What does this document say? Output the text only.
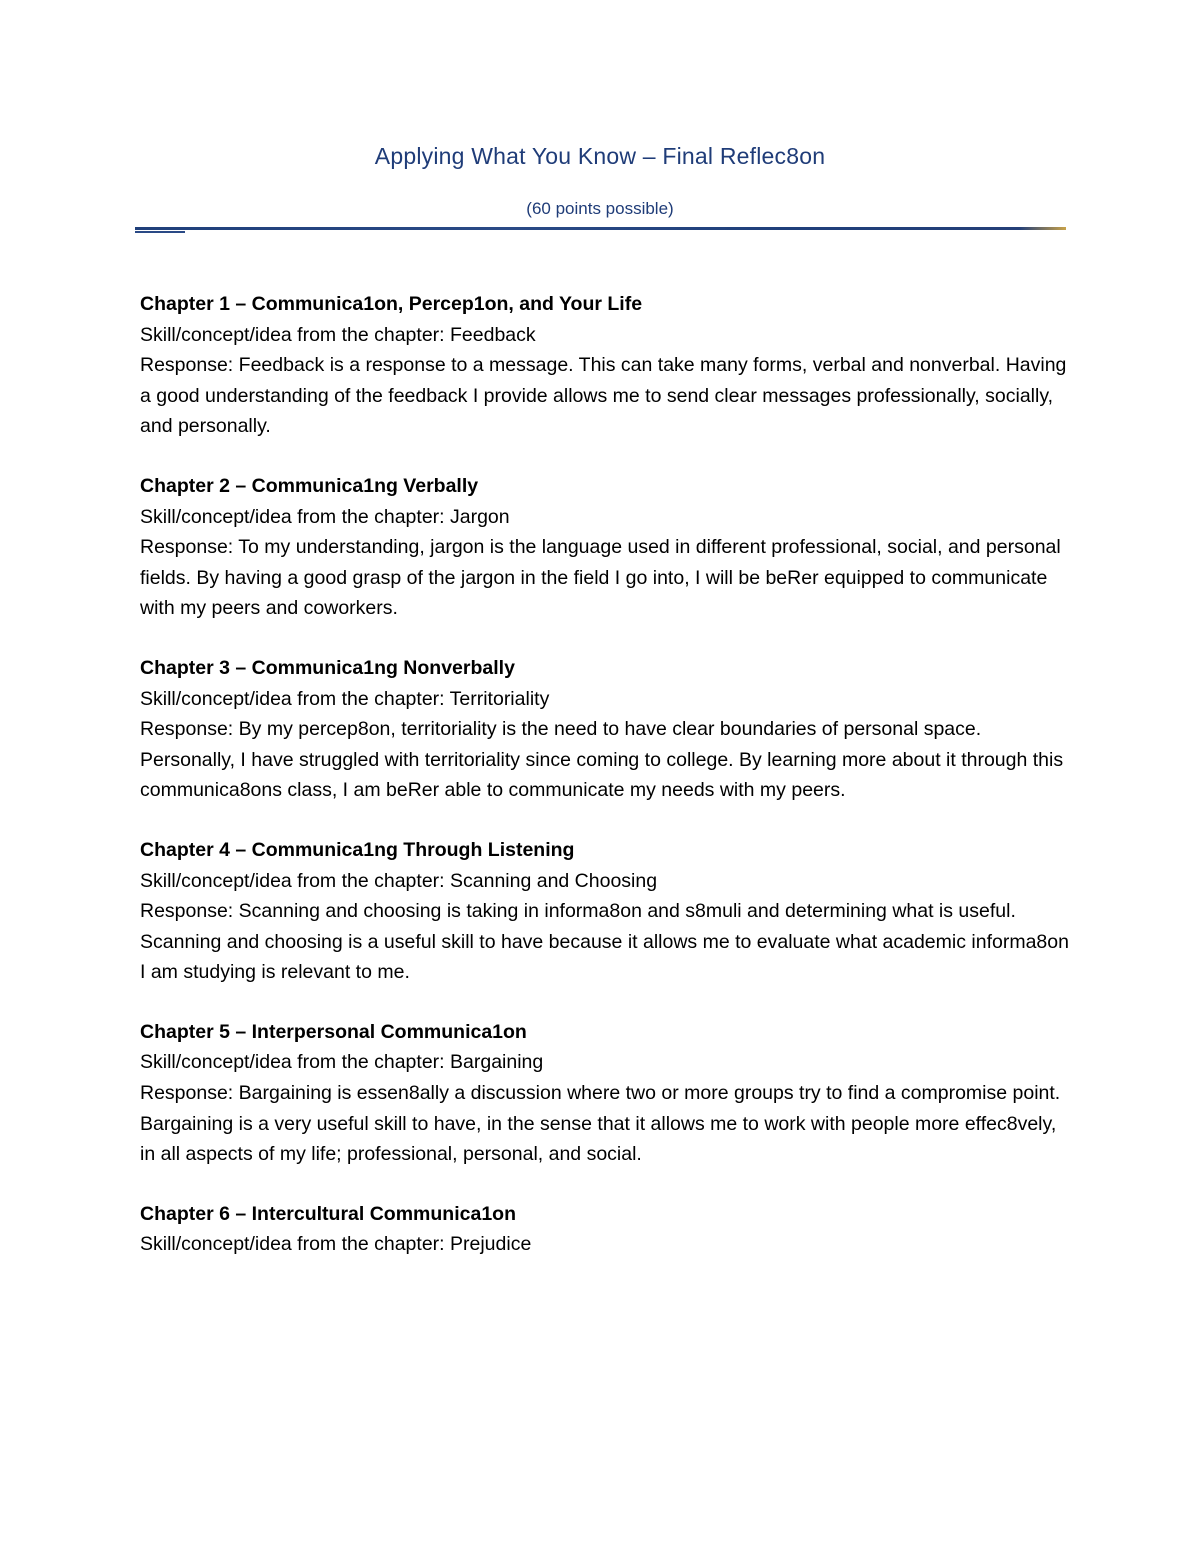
Applying What You Know – Final Reflec8on
(60 points possible)

Chapter 1 – Communica1on, Percep1on, and Your Life

Skill/concept/idea from the chapter: Feedback

Response: Feedback is a response to a message. This can take many forms, verbal and nonverbal. Having a good understanding of the feedback I provide allows me to send clear messages professionally, socially, and personally.

Chapter 2 – Communica1ng Verbally

Skill/concept/idea from the chapter: Jargon

Response: To my understanding, jargon is the language used in different professional, social, and personal fields. By having a good grasp of the jargon in the field I go into, I will be beRer equipped to communicate with my peers and coworkers.

Chapter 3 – Communica1ng Nonverbally

Skill/concept/idea from the chapter: Territoriality

Response: By my percep8on, territoriality is the need to have clear boundaries of personal space. Personally, I have struggled with territoriality since coming to college. By learning more about it through this communica8ons class, I am beRer able to communicate my needs with my peers.

Chapter 4 – Communica1ng Through Listening

Skill/concept/idea from the chapter: Scanning and Choosing

Response: Scanning and choosing is taking in informa8on and s8muli and determining what is useful. Scanning and choosing is a useful skill to have because it allows me to evaluate what academic informa8on I am studying is relevant to me.

Chapter 5 – Interpersonal Communica1on

Skill/concept/idea from the chapter: Bargaining

Response: Bargaining is essen8ally a discussion where two or more groups try to find a compromise point. Bargaining is a very useful skill to have, in the sense that it allows me to work with people more effec8vely, in all aspects of my life; professional, personal, and social.

Chapter 6 – Intercultural Communica1on

Skill/concept/idea from the chapter: Prejudice
